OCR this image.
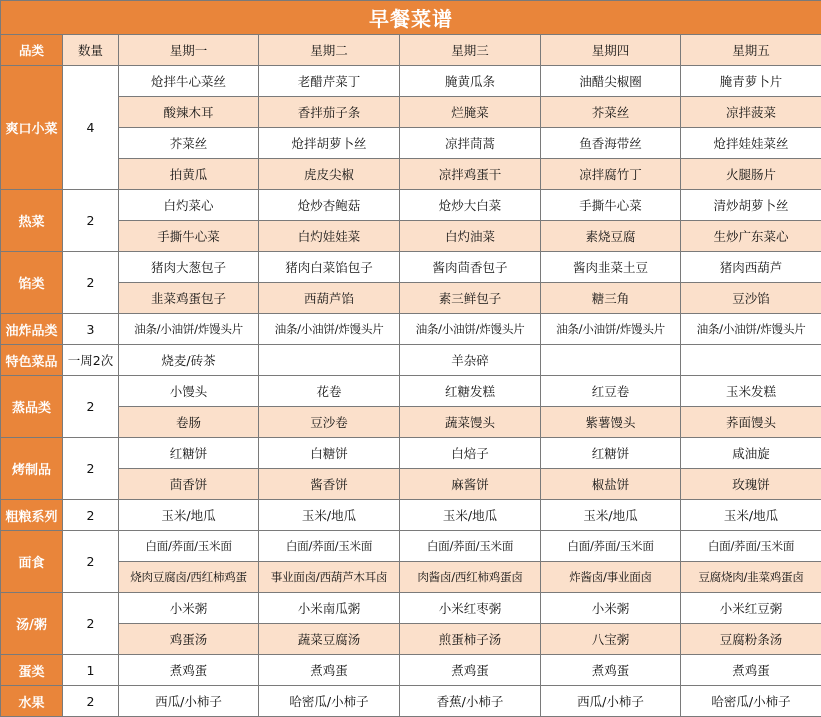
早餐菜谱						
品类	数量	星期一	星期二	星期三	星期四	星期五
爽口小菜	4	炝拌牛心菜丝	老醋芹菜丁	腌黄瓜条	油醋尖椒圈	腌青萝卜片
		酸辣木耳	香拌茄子条	烂腌菜	芥菜丝	凉拌菠菜
		芥菜丝	炝拌胡萝卜丝	凉拌茼蒿	鱼香海带丝	炝拌娃娃菜丝
		拍黄瓜	虎皮尖椒	凉拌鸡蛋干	凉拌腐竹丁	火腿肠片
热菜	2	白灼菜心	炝炒杏鲍菇	炝炒大白菜	手撕牛心菜	清炒胡萝卜丝
		手撕牛心菜	白灼娃娃菜	白灼油菜	素烧豆腐	生炒广东菜心
馅类	2	猪肉大葱包子	猪肉白菜馅包子	酱肉茴香包子	酱肉韭菜土豆	猪肉西葫芦
		韭菜鸡蛋包子	西葫芦馅	素三鲜包子	糖三角	豆沙馅
油炸品类	3	油条/小油饼/炸馒头片	油条/小油饼/炸馒头片	油条/小油饼/炸馒头片	油条/小油饼/炸馒头片	油条/小油饼/炸馒头片
特色菜品	一周2次	烧麦/砖茶		羊杂碎		
蒸品类	2	小馒头	花卷	红糖发糕	红豆卷	玉米发糕
		卷肠	豆沙卷	蔬菜馒头	紫薯馒头	荞面馒头
烤制品	2	红糖饼	白糖饼	白焙子	红糖饼	咸油旋
		茴香饼	酱香饼	麻酱饼	椒盐饼	玫瑰饼
粗粮系列	2	玉米/地瓜	玉米/地瓜	玉米/地瓜	玉米/地瓜	玉米/地瓜
面食	2	白面/荞面/玉米面	白面/荞面/玉米面	白面/荞面/玉米面	白面/荞面/玉米面	白面/荞面/玉米面
		烧肉豆腐卤/西红柿鸡蛋	事业面卤/西葫芦木耳卤	肉酱卤/西红柿鸡蛋卤	炸酱卤/事业面卤	豆腐烧肉/韭菜鸡蛋卤
汤/粥	2	小米粥	小米南瓜粥	小米红枣粥	小米粥	小米红豆粥
		鸡蛋汤	蔬菜豆腐汤	煎蛋柿子汤	八宝粥	豆腐粉条汤
蛋类	1	煮鸡蛋	煮鸡蛋	煮鸡蛋	煮鸡蛋	煮鸡蛋
水果	2	西瓜/小柿子	哈密瓜/小柿子	香蕉/小柿子	西瓜/小柿子	哈密瓜/小柿子
